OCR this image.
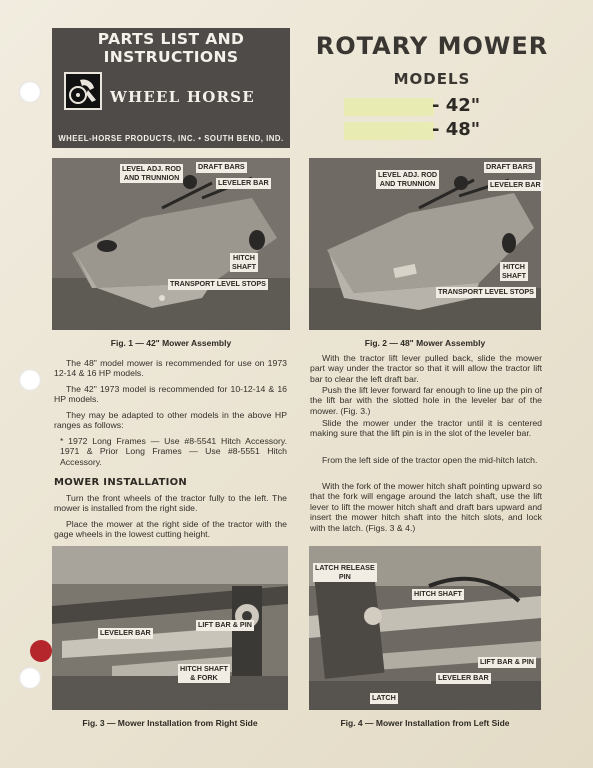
PARTS LIST AND INSTRUCTIONS
WHEEL HORSE
WHEEL-HORSE PRODUCTS, INC. • SOUTH BEND, IND.
ROTARY MOWER
MODELS
- 42"
- 48"
LEVEL ADJ. ROD
AND TRUNNION
DRAFT BARS
LEVELER BAR
HITCH
SHAFT
TRANSPORT LEVEL STOPS
Fig. 1 — 42" Mower Assembly
LEVEL ADJ. ROD
AND TRUNNION
DRAFT BARS
LEVELER BAR
HITCH
SHAFT
TRANSPORT LEVEL STOPS
Fig. 2 — 48" Mower Assembly
The 48" model mower is recommended for use on 1973 12-14 & 16 HP models.
The 42" 1973 model is recommended for 10-12-14 & 16 HP models.
They may be adapted to other models in the above HP ranges as follows:
* 1972 Long Frames — Use #8-5541 Hitch Accessory. 1971 & Prior Long Frames — Use #8-5551 Hitch Accessory.
MOWER INSTALLATION
Turn the front wheels of the tractor fully to the left. The mower is installed from the right side.
Place the mower at the right side of the tractor with the gage wheels in the lowest cutting height.
With the tractor lift lever pulled back, slide the mower part way under the tractor so that it will allow the tractor lift bar to clear the left draft bar.
Push the lift lever forward far enough to line up the pin of the lift bar with the slotted hole in the leveler bar of the mower. (Fig. 3.)
Slide the mower under the tractor until it is centered making sure that the lift pin is in the slot of the leveler bar.
From the left side of the tractor open the mid-hitch latch.
With the fork of the mower hitch shaft pointing upward so that the fork will engage around the latch shaft, use the lift lever to lift the mower hitch shaft and draft bars upward and insert the mower hitch shaft into the hitch slots, and lock with the latch. (Figs. 3 & 4.)
LEVELER BAR
LIFT BAR & PIN
HITCH SHAFT
& FORK
Fig. 3 — Mower Installation from Right Side
LATCH RELEASE
PIN
HITCH SHAFT
LIFT BAR & PIN
LEVELER BAR
LATCH
Fig. 4 — Mower Installation from Left Side
